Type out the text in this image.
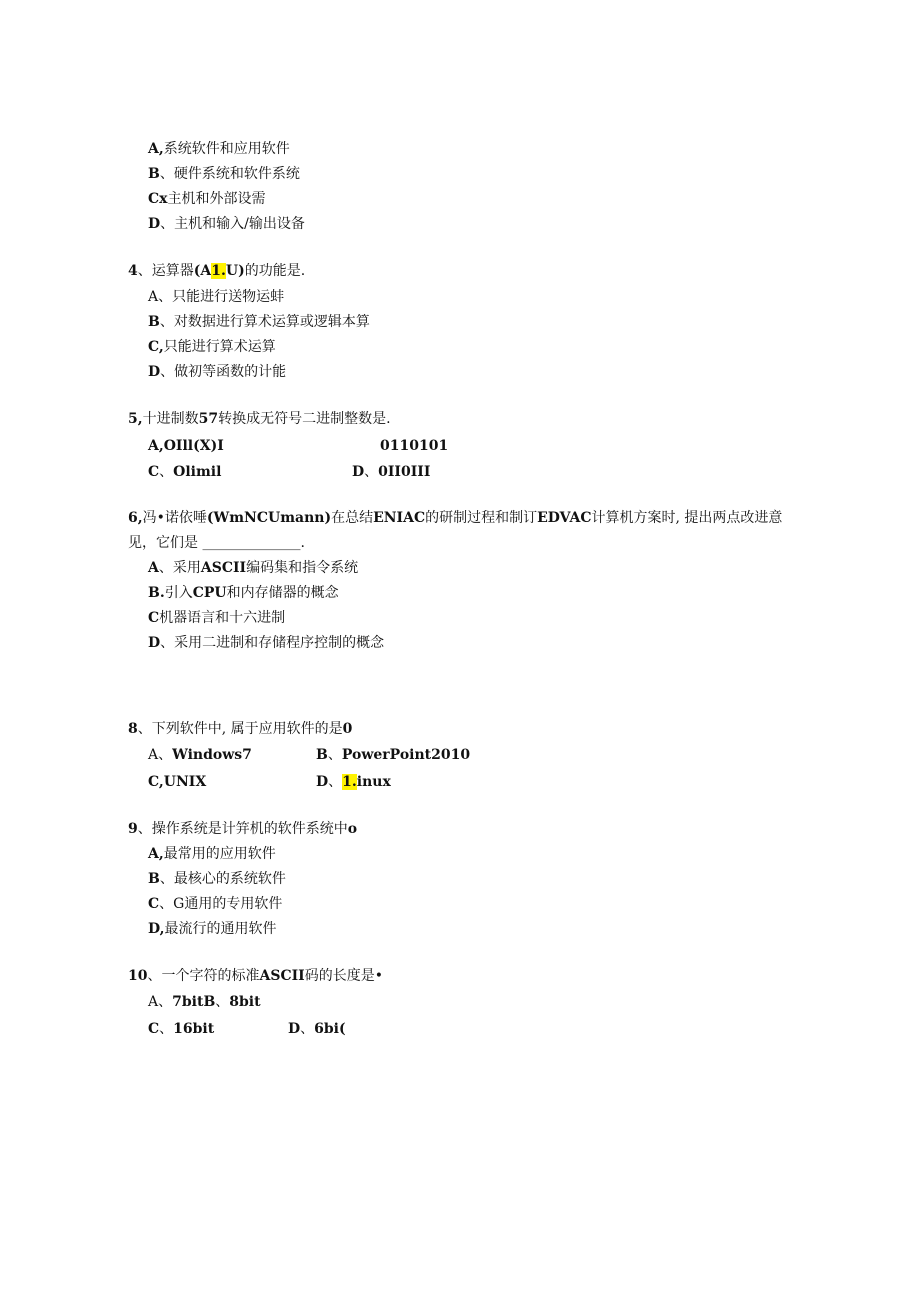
A,系统软件和应用软件
B、硬件系统和软件系统
Cx主机和外部设需
D、主机和输入/输出设备
4、运算器(A1.U)的功能是.
A、只能进行送物运蚌
B、对数据进行算术运算或逻辑本算
C,只能进行算术运算
D、做初等函数的计能
5,十进制数57转换成无符号二进制整数是.
A,OIll(X)I	0110101
C、Olimil	D、0II0III
6,冯•诺依唾(WmNCUmann)在总结ENIAC的研制过程和制订EDVAC计算机方案时, 提出两点改进意
见，它们是 ______________.
A、采用ASCII编码集和指令系统
B.引入CPU和内存储器的概念
C机器语言和十六进制
D、采用二进制和存储程序控制的概念
8、下列软件中, 属于应用软件的是0
A、Windows7	B、PowerPoint2010
C,UNIX	D、1.inux
9、操作系统是计笄机的软件系统中o
A,最常用的应用软件
B、最核心的系统软件
C、G通用的专用软件
D,最流行的通用软件
10、一个字符的标准ASCII码的长度是•
A、7bitB、8bit
C、16bit	D、6bi(
